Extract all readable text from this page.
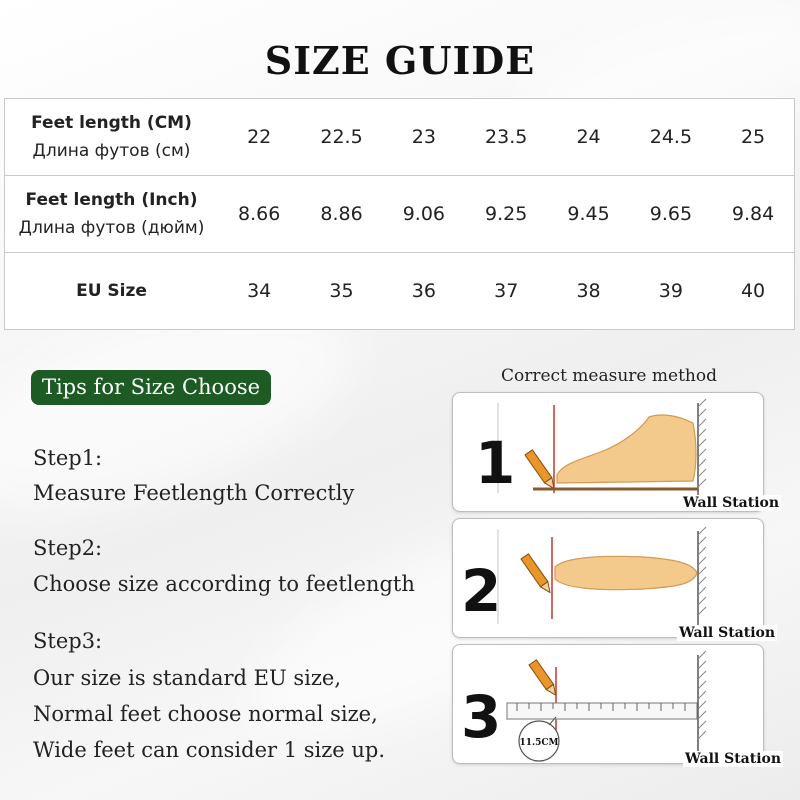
SIZE GUIDE
Feet length (CM)
Длина футов (см)	22	22.5	23	23.5	24	24.5	25

Feet length (Inch)
Длина футов (дюйм)	8.66	8.86	9.06	9.25	9.45	9.65	9.84

EU Size	34	35	36	37	38	39	40
Tips for Size Choose
Step1:
Measure Feetlength Correctly
Step2:
Choose size according to feetlength
Step3:
Our size is standard EU size,
Normal feet choose normal size,
Wide feet can consider 1 size up.
Correct measure method
1
Wall Station
2
Wall Station
3 11.5CM
Wall Station
